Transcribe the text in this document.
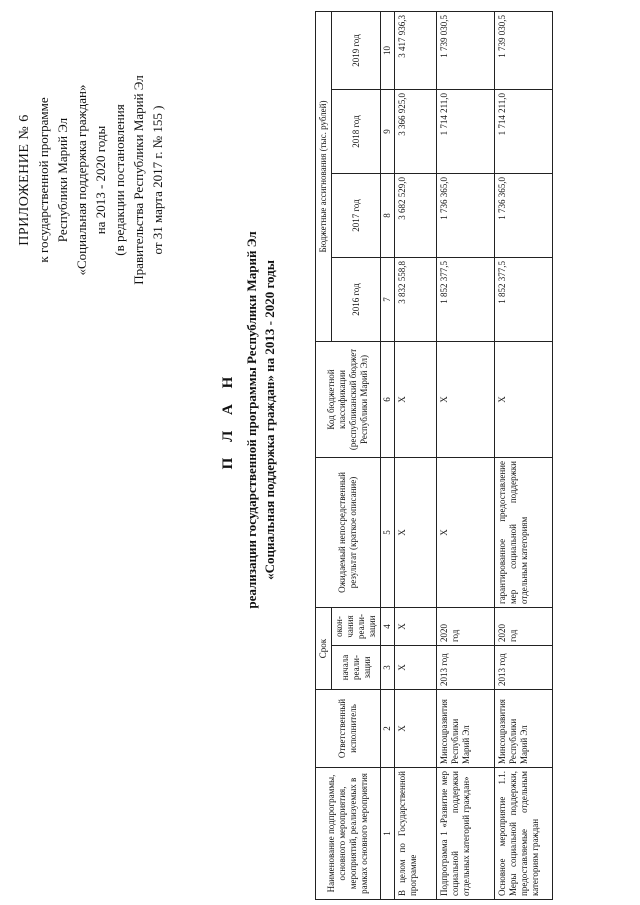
ПРИЛОЖЕНИЕ № 6 к государственной программе Республики Марий Эл «Социальная поддержка граждан» на 2013 - 2020 годы (в редакции постановления Правительства Республики Марий Эл от 31 марта 2017 г. № 155 )
П Л А Н реализации государственной программы Республики Марий Эл «Социальная поддержка граждан» на 2013 - 2020 годы
Наименование подпрограммы, основного мероприятия, мероприятий, реализуемых в рамках основного мероприятия	Ответственный исполнитель	Срок		Ожидаемый непосредственный результат (краткое описание)	Код бюджетной классификации (республиканский бюджет Республики Марий Эл)	Бюджетные ассигнования (тыс. рублей)			
		начала реали-зации	окон-чания реали-зации			2016 год	2017 год	2018 год	2019 год

1	2	3	4	5	6	7	8	9	10
В целом по Государственной программе	Х	Х	Х	Х	Х	3 832 558,8	3 682 529,0	3 366 925,0	3 417 936,3
Подпрограмма 1 «Развитие мер социальной поддержки отдельных категорий граждан»	Минсоцразвития Республики Марий Эл	2013 год	2020 год	Х	Х	1 852 377,5	1 736 365,0	1 714 211,0	1 739 030,5
Основное мероприятие 1.1. Меры социальной поддержки, предоставляемые отдельным категориям граждан	Минсоцразвития Республики Марий Эл	2013 год	2020 год	гарантированное предоставление мер социальной поддержки отдельным категориям	Х	1 852 377,5	1 736 365,0	1 714 211,0	1 739 030,5
